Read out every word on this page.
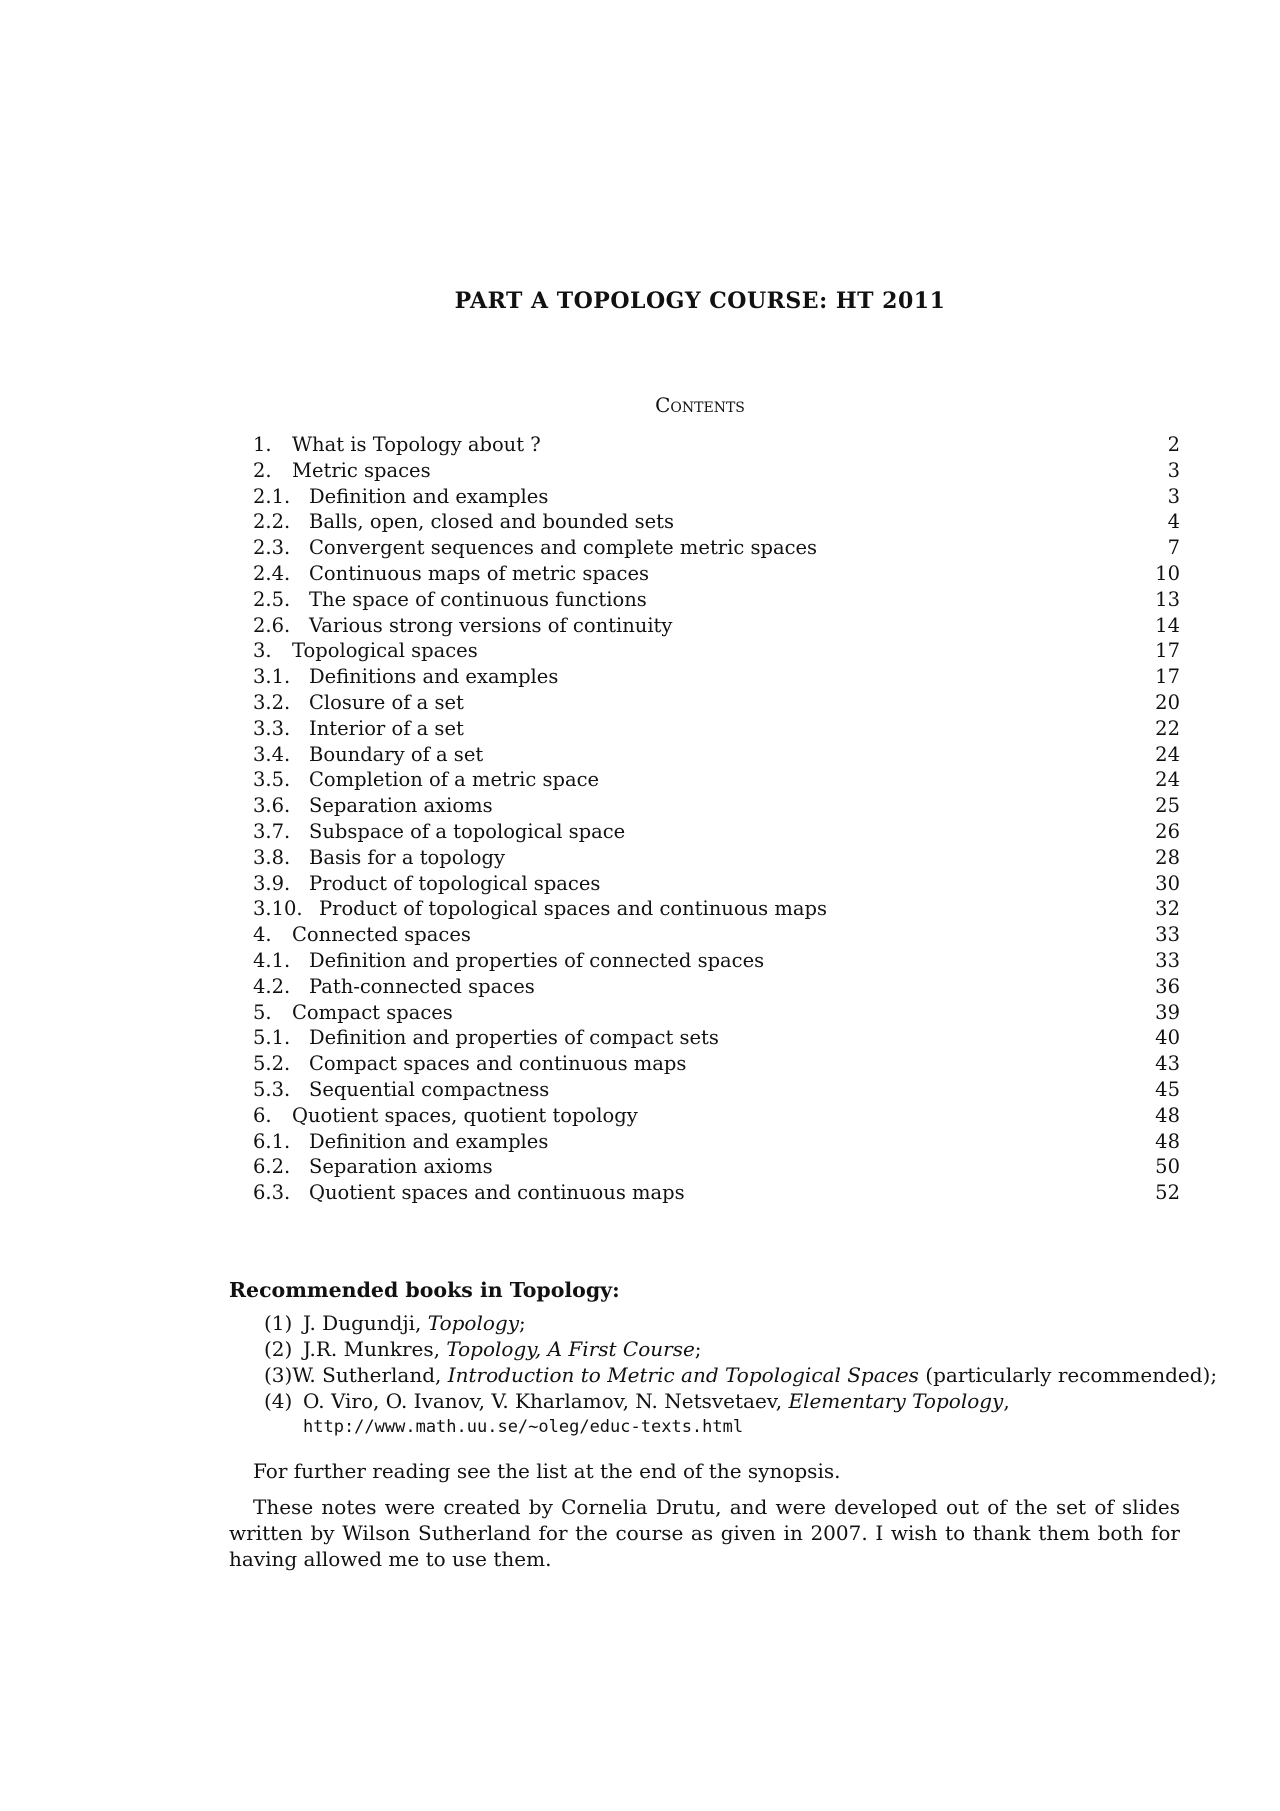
PART A TOPOLOGY COURSE: HT 2011
Contents
1.	What is Topology about ?	2
2.	Metric spaces	3
2.1. Definition and examples	3
2.2. Balls, open, closed and bounded sets	4
2.3. Convergent sequences and complete metric spaces	7
2.4. Continuous maps of metric spaces	10
2.5. The space of continuous functions	13
2.6. Various strong versions of continuity	14
3.	Topological spaces	17
3.1. Definitions and examples	17
3.2. Closure of a set	20
3.3. Interior of a set	22
3.4. Boundary of a set	24
3.5. Completion of a metric space	24
3.6. Separation axioms	25
3.7. Subspace of a topological space	26
3.8. Basis for a topology	28
3.9. Product of topological spaces	30
3.10. Product of topological spaces and continuous maps	32
4.	Connected spaces	33
4.1. Definition and properties of connected spaces	33
4.2. Path-connected spaces	36
5.	Compact spaces	39
5.1. Definition and properties of compact sets	40
5.2. Compact spaces and continuous maps	43
5.3. Sequential compactness	45
6.	Quotient spaces, quotient topology	48
6.1. Definition and examples	48
6.2. Separation axioms	50
6.3. Quotient spaces and continuous maps	52
Recommended books in Topology:
(1) J. Dugundji, Topology;
(2) J.R. Munkres, Topology, A First Course;
(3) W. Sutherland, Introduction to Metric and Topological Spaces (particularly recommended);
(4) O. Viro, O. Ivanov, V. Kharlamov, N. Netsvetaev, Elementary Topology,
http://www.math.uu.se/~oleg/educ-texts.html
For further reading see the list at the end of the synopsis.
These notes were created by Cornelia Drutu, and were developed out of the set of slides written by Wilson Sutherland for the course as given in 2007. I wish to thank them both for having allowed me to use them.
